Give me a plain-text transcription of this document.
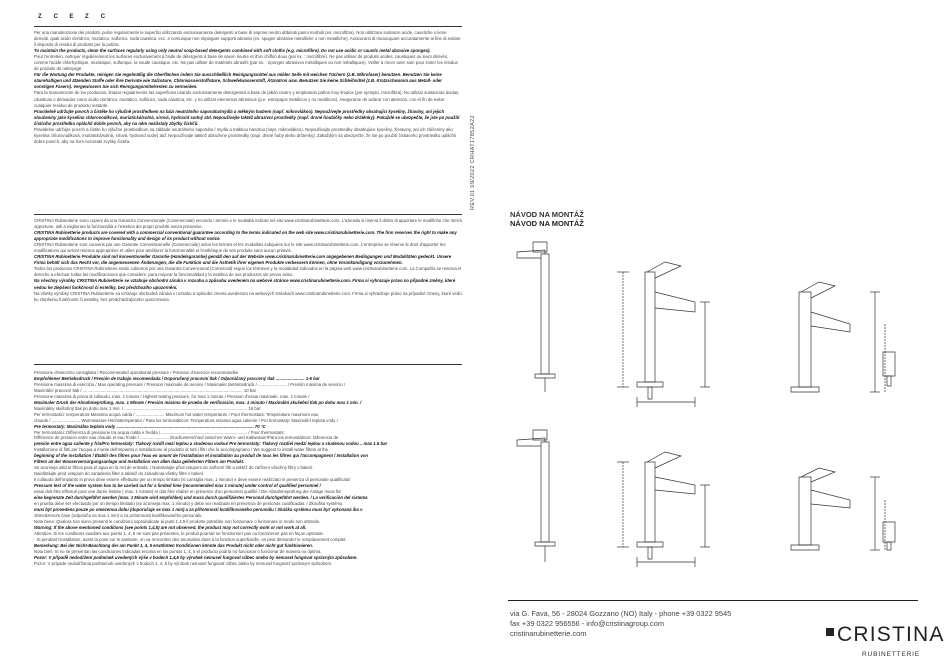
Z C E Z C
Per una manutenzione dei prodotti, pulire regolarmente le superfici utilizzando esclusivamente detergenti a base di sapone neutro abbinati panni morbidi (es. microfibra). Non utilizzare sostanze acide, caustiche o liene derivati, quali acido cloridrico, muriatico, solforico, soda caustica, ecc. e comunque non impiegare supporti abrasivi (es. spugne abrasive metalliche o non metalliche). Assicurarsi di risciacquare accuratamente al fine di evitare il deposito di residui di prodotto per la pulizia.
To maintain the products, clean the surfaces regularly using only neutral soap-based detergents combined with soft cloths (e.g. microfibre). Do not use acidic or caustic metal abrasive sponges).
Pour l'entretien, nettoyer régulièrement les surfaces exclusivement à l'aide de détergents à base de savon neutre et d'un chiffon doux (par ex. : microfibre). Ne pas utiliser de produits acides, caustiques ou leurs dérivés, comme l'acide chlorhydrique, muriatique, sulfurique, la soude caustique, etc. Ne pas utiliser de matériels abrasifs (par ex. : éponges abrasives métalliques ou non métalliques). Veiller à rincer avec soin pour éviter les résidus de produits de nettoyage.
Für die Wartung der Produkte, reinigen Sie regelmäßig die Oberflächen indem Sie ausschließlich Reinigungsmittel aus milder Seife mit weichen Tüchern (z.B. Mikrofaser) benutzen. Benutzen Sie keine säurehaltigen und ätzenden Stoffe oder ihre Derivate wie Salzsäure, Chlorwasserstoffsäure, Schwefelwasserstoff, Ätznatron usw. Benutzen Sie keine Schleifmittel (z.B. Kratzschwamm aus Metall- oder sonstigen Fasern). Vergewissern Sie sich Reinigungsmittelresten zu vermeiden.
Para la manutención de los productos, limpiar regularmente las superficies usando exclusivamente detergentes a base de jabón neutro y empleando paños muy limpios (por ejemplo, microfibra). No utilizar sustancias ácidas, cáusticas o derivados como ácido clorídrico, muriático, sulfúrico, soda cáustica, etc. y no utilizar elementos abrasivos (p.e. estropajos metálicos y no metálicos). Asegurarse de aclarar con atención, con el fin de evitar cualquier residuo de producto restante.
Pravidelně udržujte povrch a čistěte ho výlučně prostředkem na bázi neutrálního saponátu/mýdla a měkkým hadrem (např. mikrovlákno). Nepoužívejte prostředky obsahující kyseliny, žíraviny, ani jejich sloučeniny jako kyselina chlorovodíková, muriatická/solná, sírová, hydroxid sodný atd. Nepoužívejte taktéž abrazivní prostředky (např. drsné houbičky nebo drátěnky). Pokaždé se ubezpečte, že jste po použití čisticího prostředku opláchli dobře povrch, aby na něm nezůstaly zbytky čističů.
Pravidelne udržujte povrch a čistite ho výlučne prostriedkom na základe neutrálneho saponátu / mydla a mäkkou handrou (napr. mikrovlákno). Nepoužívajte prostriedky obsahujúce kyseliny, žieraviny, ani ich zlúčeniny ako kyselina chlorovodíková, muriatická/solná, sírová, hydroxid sodný atď. Nepoužívajte taktiež abrazívne prostriedky (napr. drsné huby alebo drôtenky). Zakaždým sa ubezpečte, že ste po použití čistiaceho prostriedku opláchli dobre povrch, aby na ňom nezostali zvyšky čističa.
CRISTINA Rubinetterie sono coperti da una Garanzia Convenzionale (Commerciale) secondo i termini e le modalità indicati nel sito www.cristinarubinetterie.com. L'azienda si riserva il diritto di apportare le modifiche che riterrà opportune, utili a migliorare la funzionalità e l'estetica dei propri prodotti senza preavviso.
CRISTINA Rubinetterie products are covered with a commercial conventional guarantee according to the terms indicated on the web site www.cristinarubinetterie.com. The firm reserves the right to make any appropriate modifications to improve functionality and design of its product without notice.
CRISTINA Rubinetterie sont couverts par une Garantie Conventionnelle (Commerciale) selon les termes et les modalités indiquées sur le site www.cristinarubinetterie.com. L'entreprise se réserve le droit d'apporter les modifications qui seront retenus appropriées et utiles pour améliorer la fonctionnalité et l'esthétique de ses produits sans aucun préavis.
CRISTINA Rubinetterie Produkte sind mit konventioneller Garantie (Handelsgarantie) gemäß den auf der Website www.cristinarubinetterie.com angegebenen Bedingungen und Modalitäten gedeckt. Unsere Firma behält sich das Recht vor, die angemessenen Änderungen, die die Funktion und die Ästhetik ihrer eigenen Produkte verbessern können, ohne Vorankündigung vorzunehmen.
Todos los productos CRISTINA Rubinetterie están cubiertos por una Garantía Convencional (Comercial) según los términos y la modalidad indicados en la página web www.cristinarubinetterie.com. La Compañía se reserva el derecho a efectuar todas las modificaciones que considere, para mejorar la funcionalidad y la estética de sus productos sin previo aviso.
Na všechny výrobky CRISTINA Rubinetterie se vztahuje obchodní záruka v rozsahu a způsobu uvedeném na webové stránce www.cristinarubinetterie.com. Firma si vyhrazuje právo na případné změny, které vedou ke zlepšení funkčnosti či estetiky, bez předchozího upozornění.
Na všetky výrobky CRISTINA Rubinetterie sa vzťahuje obchodná záruka v rozsahu a spôsobe zmena uvedenom na webových stránkach www.cristinarubinetterie.com. Firma si vyhradzuje právo na prípadné zmeny, ktoré vedú ku zlepšeniu funkčnosti či estetiky, bez predchádzajúceho upozornenia.
Pressione d'esercizio consigliata / Recommended operational pressure / Pression d'exercice recommandée
Empfohlener Betriebsdruck / Presión de trabajo recomendada / Doporučený pracovní tlak / Odporúčaný pracovný tlak ........................ 1-5 bar
Pressione massima di esercizio / Max operating pressure / Pression maximale de service / Maximaler Betriebsdruck / ........................ / Presión máxima de servicio /
Maximální pracovní tlak / ...................................................................................................................................... 10 bar
Pressione massima di prova di collaudo, max. 1 minuto / Highest testing pressure, for max 1 minute / Pression d'essai maximale, max. 1 minute /
Maximaler Druck der Abnahmeprüfung, max. 1 Minute / Presión máxima de prueba de verificación, max. 1 minuto / Maximální zkušební tlak po dobu max 1 min. /
Maximálny skúšobný tlak po dobu max 1 min. / ....................................................................................................... 16 bar
Per termostatici: temperatura Massima acqua calda / ........................ Maximum hot water temperature / Pour thermostats: Température maximum eau
chaude / ........................ Warmwasser-Höchsttemperatur / Para los termostáticos: Temperatura máxima agua caliente / Pro termostaty: Maximální teplota vody /
Pre termostaty: Maximálna teplota vody ................................................................................................................... 70 °C
Per termostatici: Differenza di pressione tra acqua calda e fredda / ........................................................................ / Pour thermostats:
Différence de pression entre eau chaude et eau froide / ........................ Druckunterschied zwischen Warm- und Kaltwasser/Para los termostáticos: Diferencia de
presión entre agua caliente y fría/Pro termostaty: Tlakový rozdíl mezi teplou a studenou vodou/ Pre termostaty: Tlakový rozdiel medzi teplou a studenou vodou .. max 1.5 bar
Installazione di filtri per l'acqua a monte dell'impianto e installazione al prodotto di tutti i filtri che lo accompagnano / We suggest to install water filters at the
beginning of the installation / Établir des filtres pour l'eau en amont de l'installation et installation au produit de tous les filtres qui l'accompagnent / Installation von
Filtern an der Wasserversorgungsanlage und Installation von allen dazu gelieferten Filtern am Produkt.
Se aconseja utilizar filtros para el agua en la red de entrada. / Nainstalujte před vstupem do zařízení filtr a taktéž do zařízení všechny filtry v balení.
Nainštalujte pred vstupom do zariadenia filter a taktiež do zariadenia všetky filtre v balení.
Il collaudo dell'impianto in prova deve essere effettuato per un tempo limitato (si consiglia max. 1 minuto) e deve essere realizzato in presenza di personale qualificato/
Pressure test of the water system has to be carried out for a limited time (recommended max 1 minute) under control of qualified personnel /
essai doit être effectué pour une durée limitée ( max. 1 minute) et doit être réalisé en présence d'un personnel qualifié / Die Abnahmeprüfung der Anlage muss für
eine begrenzte Zeit durchgeführt werden (max. 1 Minute wird empfohlen) und muss durch qualifiziertes Personal durchgeführt werden. / La verificación del sistema
en prueba debe ser efectuado por un tiempo limitado (se aconseja max. 1 minuto) y debe ser realizado en presencia de personas cualificadas. / Zkouška systému
musí být provedena pouze po omezenou dobu (doporučuje se max 1 min) a za přítomnosti kvalifikovaného personálu / Skúška systému musí byť vykonaná iba v
obmedzenom čase (odporúča sa max 1 min) a za prítomnosti kvalifikovaného personálu.
Nota bene: Qualora non siano presenti le condizioni sopraindicate ai punti 1,4,5 il prodotto potrebbe non funzionare o funzionare in modo non ottimale.
Warning: If the above mentioned conditions (see points 1,4,5) are not observed, the product may not correctly work or not work at all.
Attention: Si les conditions susdites aux points 1, 4, 5 ne sont pas présentes, le produit pourrait ne fonctionner pas ou fonctionner pas en façon optimale.
- Si pendant l'installation, avant la pose sur le sanitaire, on va rencontrer des anomalies dues à la fonction superficielle, on peut demander le remplacement complet.
Bemerkung: Bei der Nicht-Beachtung der am Punkt 1, 4, 5 erwähnten Konditionen könnte das Produkt nicht oder nicht gut funktionieren.
Nota bien: Si no se presentan las condiciones indicadas encima en los puntos 1, 4, 5 el producto podría no funcionar o funcionar de manera no óptima.
Pozor: V případě nedodržení podmínek uvedených výše v bodech 1,4,5 by výrobek nemusel fungovat vůbec anebo by nemusel fungovat správným způsobem.
Pozor: V prípade nedodržania podmienok uvedených v bodoch 1, 4, 5 by výrobok nemusel fungovať vôbec alebo by nemusel fungovať správnym spôsobom.
REV.01 09/2022 CRHAT17852A22
NÁVOD NA MONTÁŽ
NÁVOD NA MONTÁŽ
via G. Fava, 56 - 28024 Gozzano (NO) Italy - phone +39 0322 9545
fax +39 0322 956556 - info@cristinagroup.com
cristinarubinetterie.com	CRISTINA
RUBINETTERIE
